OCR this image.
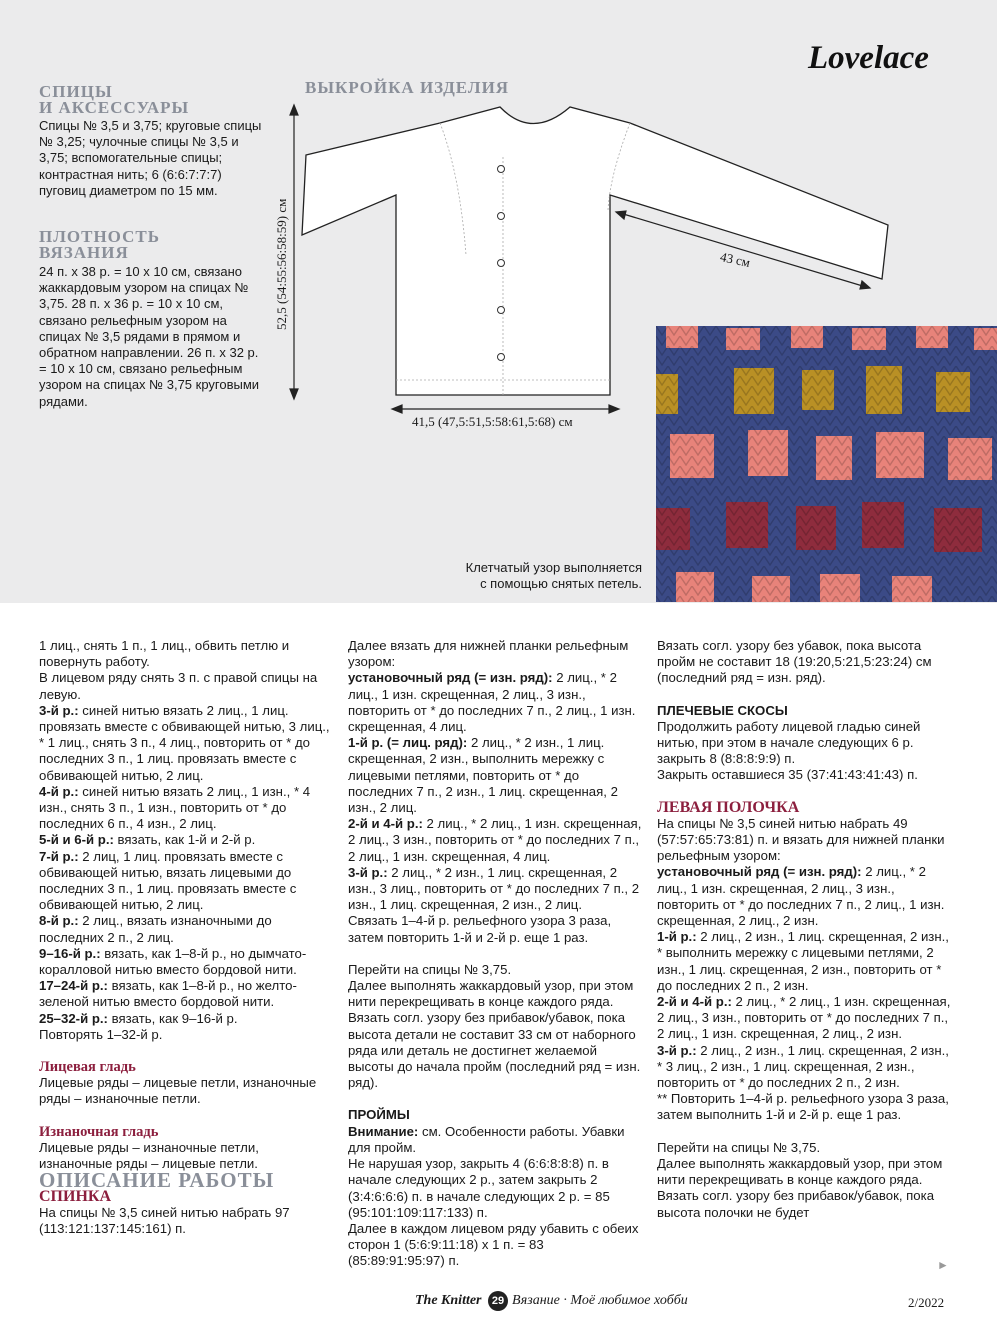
Lovelace
СПИЦЫ
И АКСЕССУАРЫ
Спицы № 3,5 и 3,75; круговые спицы № 3,25; чулочные спицы № 3,5 и 3,75; вспомогательные спицы; контрастная нить; 6 (6:6:7:7:7) пуговиц диаметром по 15 мм.
ПЛОТНОСТЬ
ВЯЗАНИЯ
24 п. х 38 р. = 10 х 10 см, связано жаккардовым узором на спицах № 3,75. 28 п. х 36 р. = 10 х 10 см, связано рельефным узором на спицах № 3,5 рядами в прямом и обратном направлении. 26 п. х 32 р. = 10 х 10 см, связано рельефным узором на спицах № 3,75 круговыми рядами.
ВЫКРОЙКА ИЗДЕЛИЯ
52,5 (54:55:56:58:59) см
41,5 (47,5:51,5:58:61,5:68) см
43 см
Клетчатый узор выполняется
с помощью снятых петель.

1 лиц., снять 1 п., 1 лиц., обвить петлю и повернуть работу.

В лицевом ряду снять 3 п. с правой спицы на левую.

3-й р.: синей нитью вязать 2 лиц., 1 лиц. провязать вместе с обвивающей нитью, 3 лиц., * 1 лиц., снять 3 п., 4 лиц., повторить от * до последних 3 п., 1 лиц. провязать вместе с обвивающей нитью, 2 лиц.

4-й р.: синей нитью вязать 2 лиц., 1 изн., * 4 изн., снять 3 п., 1 изн., повторить от * до последних 6 п., 4 изн., 2 лиц.

5-й и 6-й р.: вязать, как 1-й и 2-й р.

7-й р.: 2 лиц, 1 лиц. провязать вместе с обвивающей нитью, вязать лицевыми до последних 3 п., 1 лиц. провязать вместе с обвивающей нитью, 2 лиц.

8-й р.: 2 лиц., вязать изнаночными до последних 2 п., 2 лиц.

9–16-й р.: вязать, как 1–8-й р., но дымчато-коралловой нитью вместо бордовой нити.

17–24-й р.: вязать, как 1–8-й р., но желто-зеленой нитью вместо бордовой нити.

25–32-й р.: вязать, как 9–16-й р.

Повторять 1–32-й р.

Лицевая гладь

Лицевые ряды – лицевые петли, изнаночные ряды – изнаночные петли.

Изнаночная гладь

Лицевые ряды – изнаночные петли, изнаночные ряды – лицевые петли.

ОПИСАНИЕ РАБОТЫ

СПИНКА

На спицы № 3,5 синей нитью набрать 97 (113:121:137:145:161) п.

Далее вязать для нижней планки рельефным узором:

установочный ряд (= изн. ряд): 2 лиц., * 2 лиц., 1 изн. скрещенная, 2 лиц., 3 изн., повторить от * до последних 7 п., 2 лиц., 1 изн. скрещенная, 4 лиц.

1-й р. (= лиц. ряд): 2 лиц., * 2 изн., 1 лиц. скрещенная, 2 изн., выполнить мережку с лицевыми петлями, повторить от * до последних 7 п., 2 изн., 1 лиц. скрещенная, 2 изн., 2 лиц.

2-й и 4-й р.: 2 лиц., * 2 лиц., 1 изн. скрещенная, 2 лиц., 3 изн., повторить от * до последних 7 п., 2 лиц., 1 изн. скрещенная, 4 лиц.

3-й р.: 2 лиц., * 2 изн., 1 лиц. скрещенная, 2 изн., 3 лиц., повторить от * до последних 7 п., 2 изн., 1 лиц. скрещенная, 2 изн., 2 лиц.

Связать 1–4-й р. рельефного узора 3 раза, затем повторить 1-й и 2-й р. еще 1 раз.

Перейти на спицы № 3,75.

Далее выполнять жаккардовый узор, при этом нити перекрещивать в конце каждого ряда. Вязать согл. узору без прибавок/убавок, пока высота детали не составит 33 см от наборного ряда или деталь не достигнет желаемой высоты до начала пройм (последний ряд = изн. ряд).

ПРОЙМЫ

Внимание: см. Особенности работы. Убавки для пройм.

Не нарушая узор, закрыть 4 (6:6:8:8:8) п. в начале следующих 2 р., затем закрыть 2 (3:4:6:6:6) п. в начале следующих 2 р. = 85 (95:101:109:117:133) п.

Далее в каждом лицевом ряду убавить с обеих сторон 1 (5:6:9:11:18) х 1 п. = 83 (85:89:91:95:97) п.

Вязать согл. узору без убавок, пока высота пройм не составит 18 (19:20,5:21,5:23:24) см (последний ряд = изн. ряд).

ПЛЕЧЕВЫЕ СКОСЫ

Продолжить работу лицевой гладью синей нитью, при этом в начале следующих 6 р. закрыть 8 (8:8:8:9:9) п.

Закрыть оставшиеся 35 (37:41:43:41:43) п.

ЛЕВАЯ ПОЛОЧКА

На спицы № 3,5 синей нитью набрать 49 (57:57:65:73:81) п. и вязать для нижней планки рельефным узором:

установочный ряд (= изн. ряд): 2 лиц., * 2 лиц., 1 изн. скрещенная, 2 лиц., 3 изн., повторить от * до последних 7 п., 2 лиц., 1 изн. скрещенная, 2 лиц., 2 изн.

1-й р.: 2 лиц., 2 изн., 1 лиц. скрещенная, 2 изн., * выполнить мережку с лицевыми петлями, 2 изн., 1 лиц. скрещенная, 2 изн., повторить от * до последних 2 п., 2 изн.

2-й и 4-й р.: 2 лиц., * 2 лиц., 1 изн. скрещенная, 2 лиц., 3 изн., повторить от * до последних 7 п., 2 лиц., 1 изн. скрещенная, 2 лиц., 2 изн.

3-й р.: 2 лиц., 2 изн., 1 лиц. скрещенная, 2 изн., * 3 лиц., 2 изн., 1 лиц. скрещенная, 2 изн., повторить от * до последних 2 п., 2 изн.

** Повторить 1–4-й р. рельефного узора 3 раза, затем выполнить 1-й и 2-й р. еще 1 раз.

Перейти на спицы № 3,75.

Далее выполнять жаккардовый узор, при этом нити перекрещивать в конце каждого ряда. Вязать согл. узору без прибавок/убавок, пока высота полочки не будет

►
The Knitter 29 Вязание · Моё любимое хобби	2/2022
